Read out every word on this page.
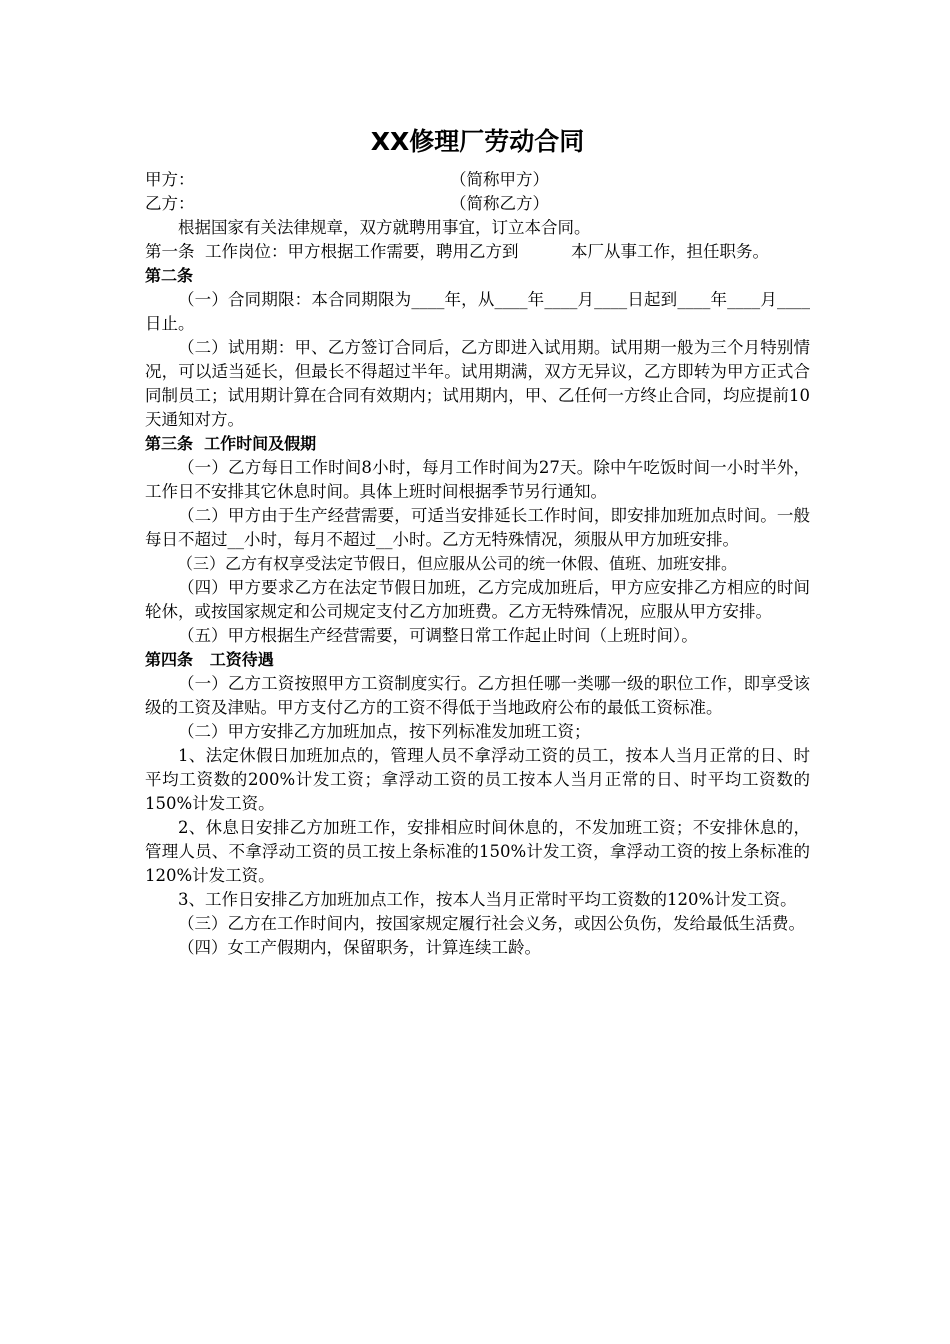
XX修理厂劳动合同
甲方：	（简称甲方）
乙方：	（简称乙方）

根据国家有关法律规章，双方就聘用事宜，订立本合同。

第一条  工作岗位：甲方根据工作需要，聘用乙方到          本厂从事工作，担任职务。

第二条

（一）合同期限：本合同期限为____年，从____年____月____日起到____年____月____日止。

（二）试用期：甲、乙方签订合同后，乙方即进入试用期。试用期一般为三个月特别情况，可以适当延长，但最长不得超过半年。试用期满，双方无异议，乙方即转为甲方正式合同制员工；试用期计算在合同有效期内；试用期内，甲、乙任何一方终止合同，均应提前10天通知对方。

第三条  工作时间及假期

（一）乙方每日工作时间8小时，每月工作时间为27天。除中午吃饭时间一小时半外，工作日不安排其它休息时间。具体上班时间根据季节另行通知。

（二）甲方由于生产经营需要，可适当安排延长工作时间，即安排加班加点时间。一般每日不超过__小时，每月不超过__小时。乙方无特殊情况，须服从甲方加班安排。

（三）乙方有权享受法定节假日，但应服从公司的统一休假、值班、加班安排。

（四）甲方要求乙方在法定节假日加班，乙方完成加班后，甲方应安排乙方相应的时间轮休，或按国家规定和公司规定支付乙方加班费。乙方无特殊情况，应服从甲方安排。

（五）甲方根据生产经营需要，可调整日常工作起止时间（上班时间）。

第四条   工资待遇

（一）乙方工资按照甲方工资制度实行。乙方担任哪一类哪一级的职位工作，即享受该级的工资及津贴。甲方支付乙方的工资不得低于当地政府公布的最低工资标准。

（二）甲方安排乙方加班加点，按下列标准发加班工资；

1、法定休假日加班加点的，管理人员不拿浮动工资的员工，按本人当月正常的日、时平均工资数的200%计发工资；拿浮动工资的员工按本人当月正常的日、时平均工资数的150%计发工资。

2、休息日安排乙方加班工作，安排相应时间休息的，不发加班工资；不安排休息的，管理人员、不拿浮动工资的员工按上条标准的150%计发工资，拿浮动工资的按上条标准的120%计发工资。

3、工作日安排乙方加班加点工作，按本人当月正常时平均工资数的120%计发工资。

（三）乙方在工作时间内，按国家规定履行社会义务，或因公负伤，发给最低生活费。

（四）女工产假期内，保留职务，计算连续工龄。
